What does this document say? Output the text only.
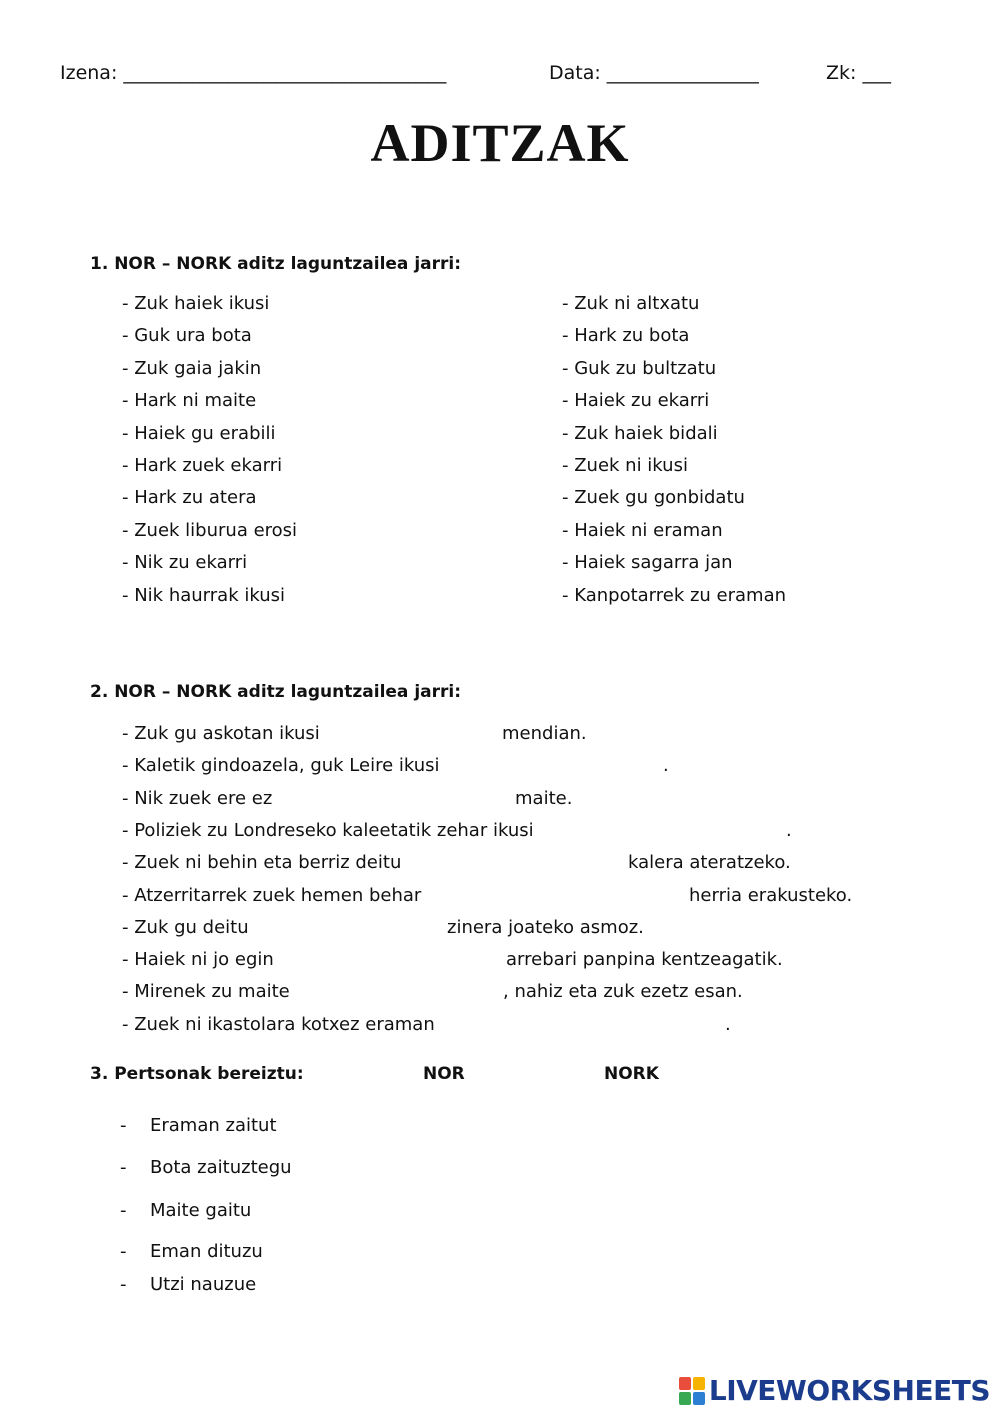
Izena: __________________________________	Data: ________________	Zk: ___
ADITZAK
1. NOR – NORK aditz laguntzailea jarri:
- Zuk haiek ikusi
- Guk ura bota
- Zuk gaia jakin
- Hark ni maite
- Haiek gu erabili
- Hark zuek ekarri
- Hark zu atera
- Zuek liburua erosi
- Nik zu ekarri
- Nik haurrak ikusi
- Zuk ni altxatu
- Hark zu bota
- Guk zu bultzatu
- Haiek zu ekarri
- Zuk haiek bidali
- Zuek ni ikusi
- Zuek gu gonbidatu
- Haiek ni eraman
- Haiek sagarra jan
- Kanpotarrek zu eraman
2. NOR – NORK aditz laguntzailea jarri:
- Zuk gu askotan ikusi	mendian.
- Kaletik gindoazela, guk Leire ikusi	.
- Nik zuek ere ez	maite.
- Poliziek zu Londreseko kaleetatik zehar ikusi	.
- Zuek ni behin eta berriz deitu	kalera ateratzeko.
- Atzerritarrek zuek hemen behar	herria erakusteko.
- Zuk gu deitu	zinera joateko asmoz.
- Haiek ni jo egin	arrebari panpina kentzeagatik.
- Mirenek zu maite	, nahiz eta zuk ezetz esan.
- Zuek ni ikastolara kotxez eraman	.
3. Pertsonak bereiztu:	NOR	NORK
- Eraman zaitut
- Bota zaituztegu
- Maite gaitu
- Eman dituzu
- Utzi nauzue
LIVEWORKSHEETS
